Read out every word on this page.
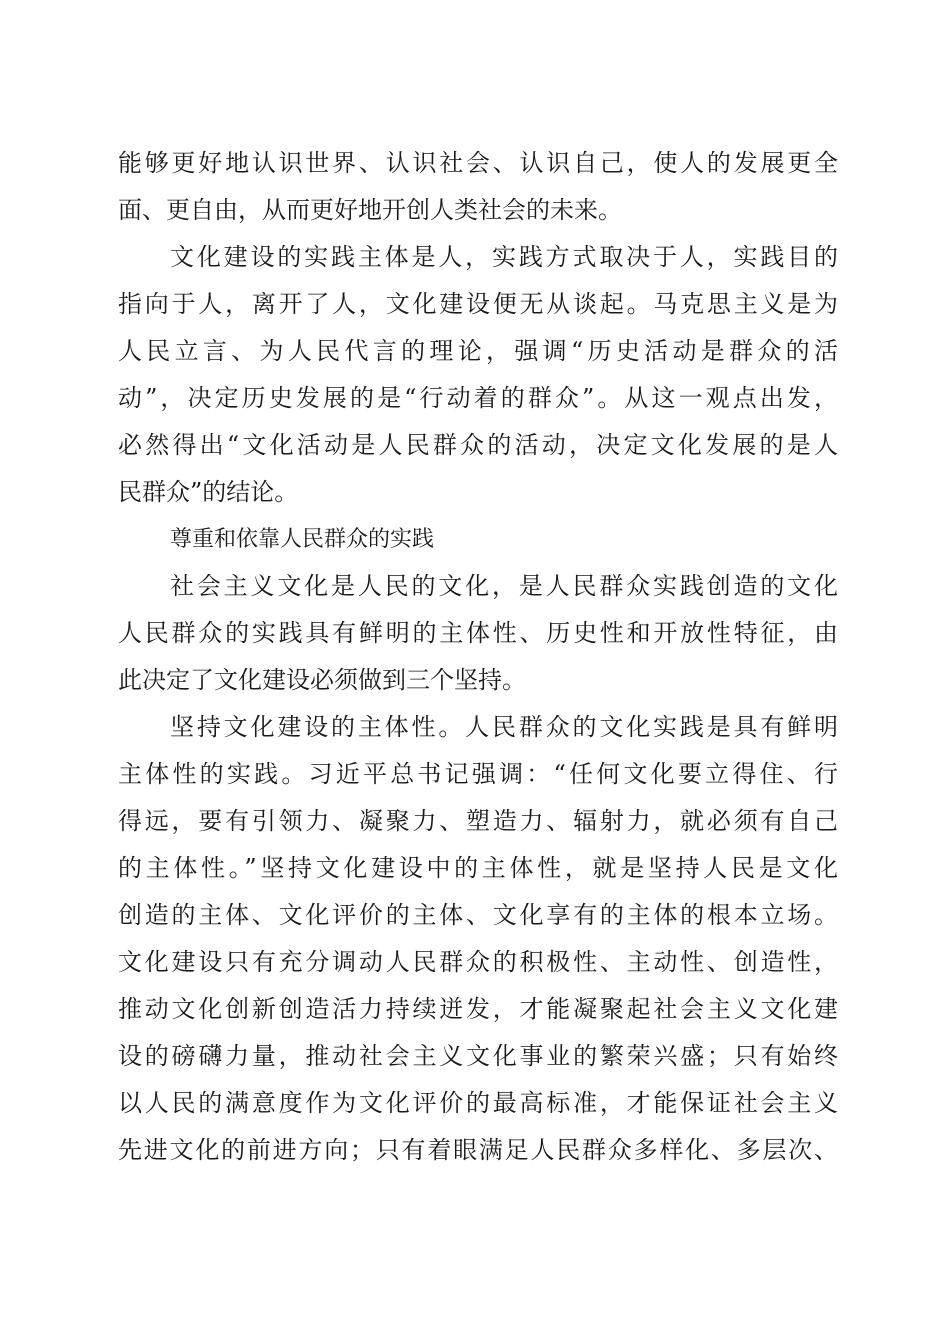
能够更好地认识世界、认识社会、认识自己，使人的发展更全
面、更自由，从而更好地开创人类社会的未来。
文化建设的实践主体是人，实践方式取决于人，实践目的
指向于人，离开了人，文化建设便无从谈起。马克思主义是为
人民立言、为人民代言的理论，强调“历史活动是群众的活
动”，决定历史发展的是“行动着的群众”。从这一观点出发，
必然得出“文化活动是人民群众的活动，决定文化发展的是人
民群众”的结论。
尊重和依靠人民群众的实践
社会主义文化是人民的文化，是人民群众实践创造的文化
人民群众的实践具有鲜明的主体性、历史性和开放性特征，由
此决定了文化建设必须做到三个坚持。
坚持文化建设的主体性。人民群众的文化实践是具有鲜明
主体性的实践。习近平总书记强调：“任何文化要立得住、行
得远，要有引领力、凝聚力、塑造力、辐射力，就必须有自己
的主体性。”坚持文化建设中的主体性，就是坚持人民是文化
创造的主体、文化评价的主体、文化享有的主体的根本立场。
文化建设只有充分调动人民群众的积极性、主动性、创造性，
推动文化创新创造活力持续迸发，才能凝聚起社会主义文化建
设的磅礴力量，推动社会主义文化事业的繁荣兴盛；只有始终
以人民的满意度作为文化评价的最高标准，才能保证社会主义
先进文化的前进方向；只有着眼满足人民群众多样化、多层次、
